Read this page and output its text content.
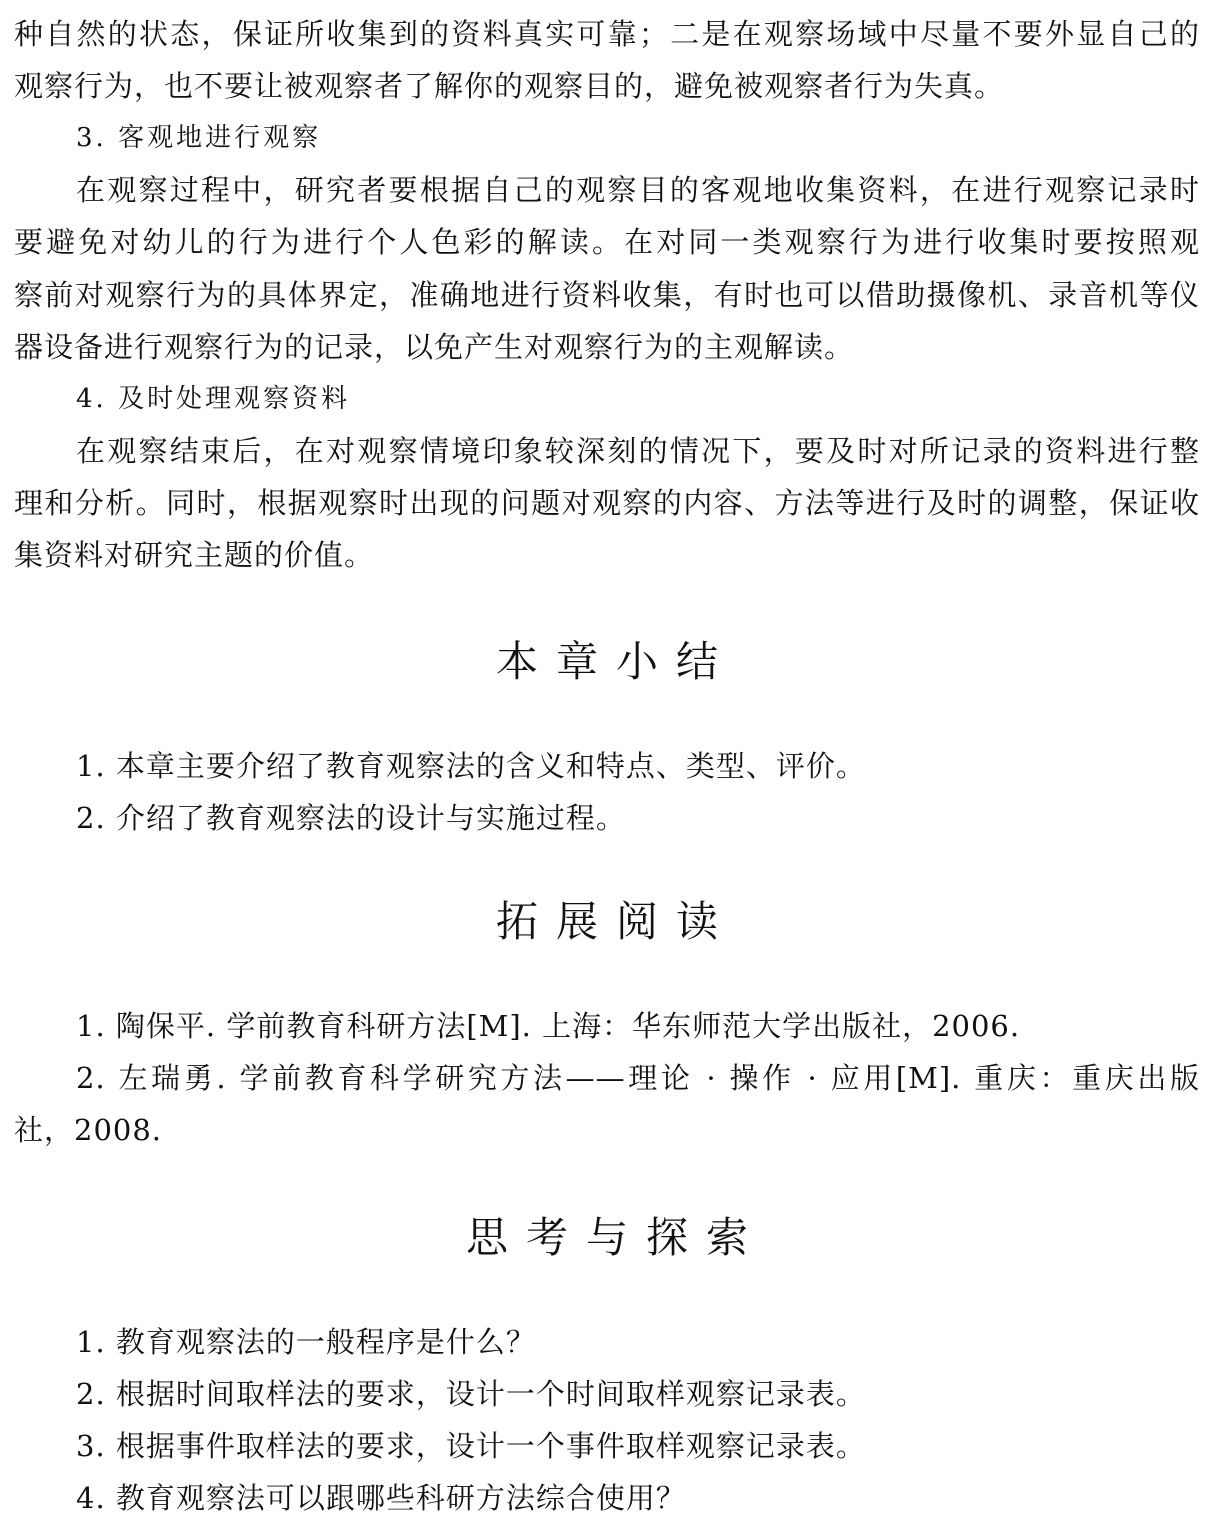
种自然的状态，保证所收集到的资料真实可靠；二是在观察场域中尽量不要外显自己的
观察行为，也不要让被观察者了解你的观察目的，避免被观察者行为失真。
3. 客观地进行观察
在观察过程中，研究者要根据自己的观察目的客观地收集资料，在进行观察记录时
要避免对幼儿的行为进行个人色彩的解读。在对同一类观察行为进行收集时要按照观
察前对观察行为的具体界定，准确地进行资料收集，有时也可以借助摄像机、录音机等仪
器设备进行观察行为的记录，以免产生对观察行为的主观解读。
4. 及时处理观察资料
在观察结束后，在对观察情境印象较深刻的情况下，要及时对所记录的资料进行整
理和分析。同时，根据观察时出现的问题对观察的内容、方法等进行及时的调整，保证收
集资料对研究主题的价值。
本章小结
1. 本章主要介绍了教育观察法的含义和特点、类型、评价。
2. 介绍了教育观察法的设计与实施过程。
拓展阅读
1. 陶保平. 学前教育科研方法[M]. 上海：华东师范大学出版社，2006.
2. 左瑞勇. 学前教育科学研究方法——理论 · 操作 · 应用[M]. 重庆：重庆出版
社，2008.
思考与探索
1. 教育观察法的一般程序是什么？
2. 根据时间取样法的要求，设计一个时间取样观察记录表。
3. 根据事件取样法的要求，设计一个事件取样观察记录表。
4. 教育观察法可以跟哪些科研方法综合使用？
